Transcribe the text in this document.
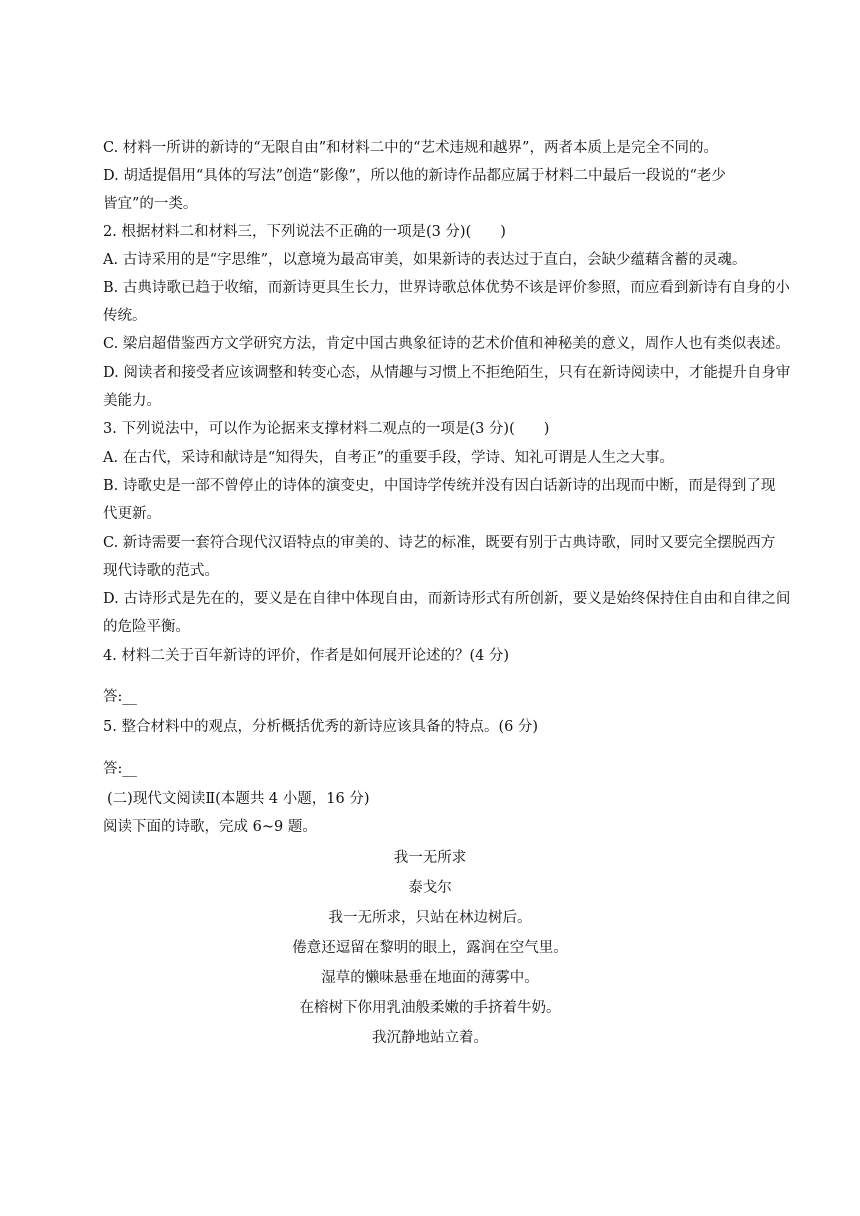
C. 材料一所讲的新诗的“无限自由”和材料二中的“艺术违规和越界”，两者本质上是完全不同的。
D. 胡适提倡用“具体的写法”创造“影像”，所以他的新诗作品都应属于材料二中最后一段说的“老少
皆宜”的一类。
2. 根据材料二和材料三，下列说法不正确的一项是(3 分)(　　)
A. 古诗采用的是“字思维”，以意境为最高审美，如果新诗的表达过于直白，会缺少蕴藉含蓄的灵魂。
B. 古典诗歌已趋于收缩，而新诗更具生长力，世界诗歌总体优势不该是评价参照，而应看到新诗有自身的小
传统。
C. 梁启超借鉴西方文学研究方法，肯定中国古典象征诗的艺术价值和神秘美的意义，周作人也有类似表述。
D. 阅读者和接受者应该调整和转变心态，从情趣与习惯上不拒绝陌生，只有在新诗阅读中，才能提升自身审
美能力。
3. 下列说法中，可以作为论据来支撑材料二观点的一项是(3 分)(　　)
A. 在古代，采诗和献诗是“知得失，自考正”的重要手段，学诗、知礼可谓是人生之大事。
B. 诗歌史是一部不曾停止的诗体的演变史，中国诗学传统并没有因白话新诗的出现而中断，而是得到了现
代更新。
C. 新诗需要一套符合现代汉语特点的审美的、诗艺的标准，既要有别于古典诗歌，同时又要完全摆脱西方
现代诗歌的范式。
D. 古诗形式是先在的，要义是在自律中体现自由，而新诗形式有所创新，要义是始终保持住自由和自律之间
的危险平衡。
4. 材料二关于百年新诗的评价，作者是如何展开论述的？(4 分)
答:__
5. 整合材料中的观点，分析概括优秀的新诗应该具备的特点。(6 分)
答:__
(二)现代文阅读Ⅱ(本题共 4 小题，16 分)
阅读下面的诗歌，完成 6~9 题。
我一无所求
泰戈尔
我一无所求，只站在林边树后。
倦意还逗留在黎明的眼上，露润在空气里。
湿草的懒味悬垂在地面的薄雾中。
在榕树下你用乳油般柔嫩的手挤着牛奶。
我沉静地站立着。
